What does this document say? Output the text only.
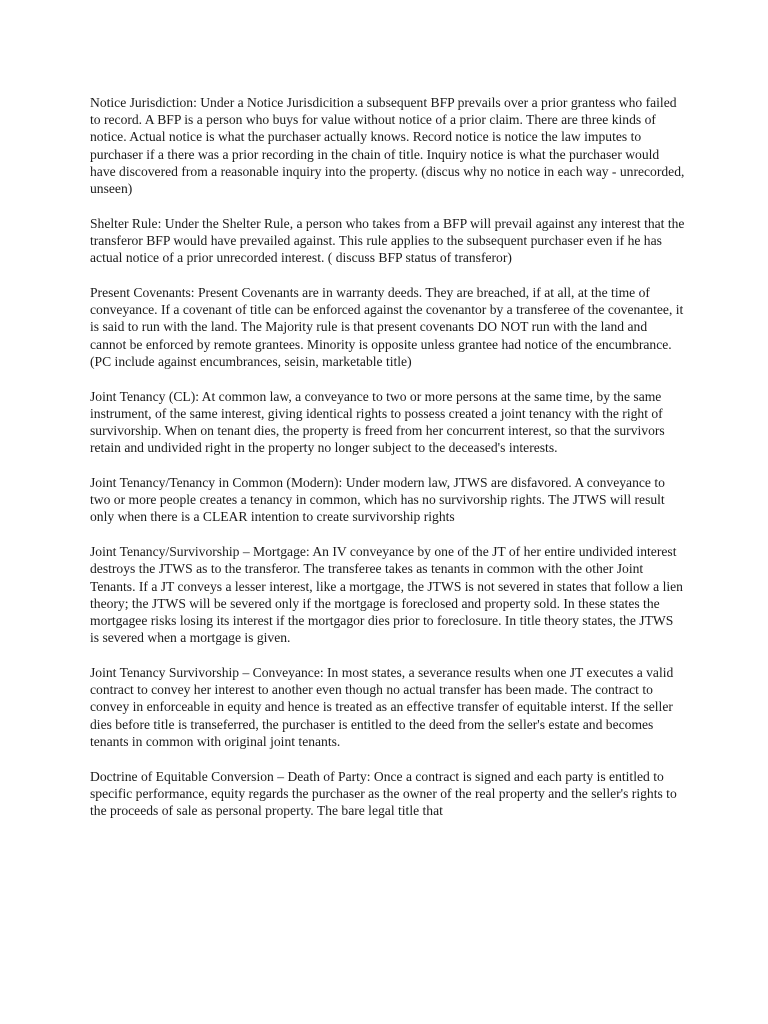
Notice Jurisdiction: Under a Notice Jurisdicition a subsequent BFP prevails over a prior grantess who failed to record. A BFP is a person who buys for value without notice of a prior claim. There are three kinds of notice. Actual notice is what the purchaser actually knows. Record notice is notice the law imputes to purchaser if a there was a prior recording in the chain of title. Inquiry notice is what the purchaser would have discovered from a reasonable inquiry into the property. (discus why no notice in each way - unrecorded, unseen)

Shelter Rule: Under the Shelter Rule, a person who takes from a BFP will prevail against any interest that the transferor BFP would have prevailed against. This rule applies to the subsequent purchaser even if he has actual notice of a prior unrecorded interest. ( discuss BFP status of transferor)

Present Covenants: Present Covenants are in warranty deeds. They are breached, if at all, at the time of conveyance. If a covenant of title can be enforced against the covenantor by a transferee of the covenantee, it is said to run with the land. The Majority rule is that present covenants DO NOT run with the land and cannot be enforced by remote grantees. Minority is opposite unless grantee had notice of the encumbrance. (PC include against encumbrances, seisin, marketable title)

Joint Tenancy (CL): At common law, a conveyance to two or more persons at the same time, by the same instrument, of the same interest, giving identical rights to possess created a joint tenancy with the right of survivorship. When on tenant dies, the property is freed from her concurrent interest, so that the survivors retain and undivided right in the property no longer subject to the deceased's interests.

Joint Tenancy/Tenancy in Common (Modern): Under modern law, JTWS are disfavored. A conveyance to two or more people creates a tenancy in common, which has no survivorship rights. The JTWS will result only when there is a CLEAR intention to create survivorship rights

Joint Tenancy/Survivorship – Mortgage: An IV conveyance by one of the JT of her entire undivided interest destroys the JTWS as to the transferor. The transferee takes as tenants in common with the other Joint Tenants. If a JT conveys a lesser interest, like a mortgage, the JTWS is not severed in states that follow a lien theory; the JTWS will be severed only if the mortgage is foreclosed and property sold. In these states the mortgagee risks losing its interest if the mortgagor dies prior to foreclosure. In title theory states, the JTWS is severed when a mortgage is given.

Joint Tenancy Survivorship – Conveyance: In most states, a severance results when one JT executes a valid contract to convey her interest to another even though no actual transfer has been made. The contract to convey in enforceable in equity and hence is treated as an effective transfer of equitable interst. If the seller dies before title is transeferred, the purchaser is entitled to the deed from the seller's estate and becomes tenants in common with original joint tenants.

Doctrine of Equitable Conversion – Death of Party: Once a contract is signed and each party is entitled to specific performance, equity regards the purchaser as the owner of the real property and the seller's rights to the proceeds of sale as personal property. The bare legal title that
